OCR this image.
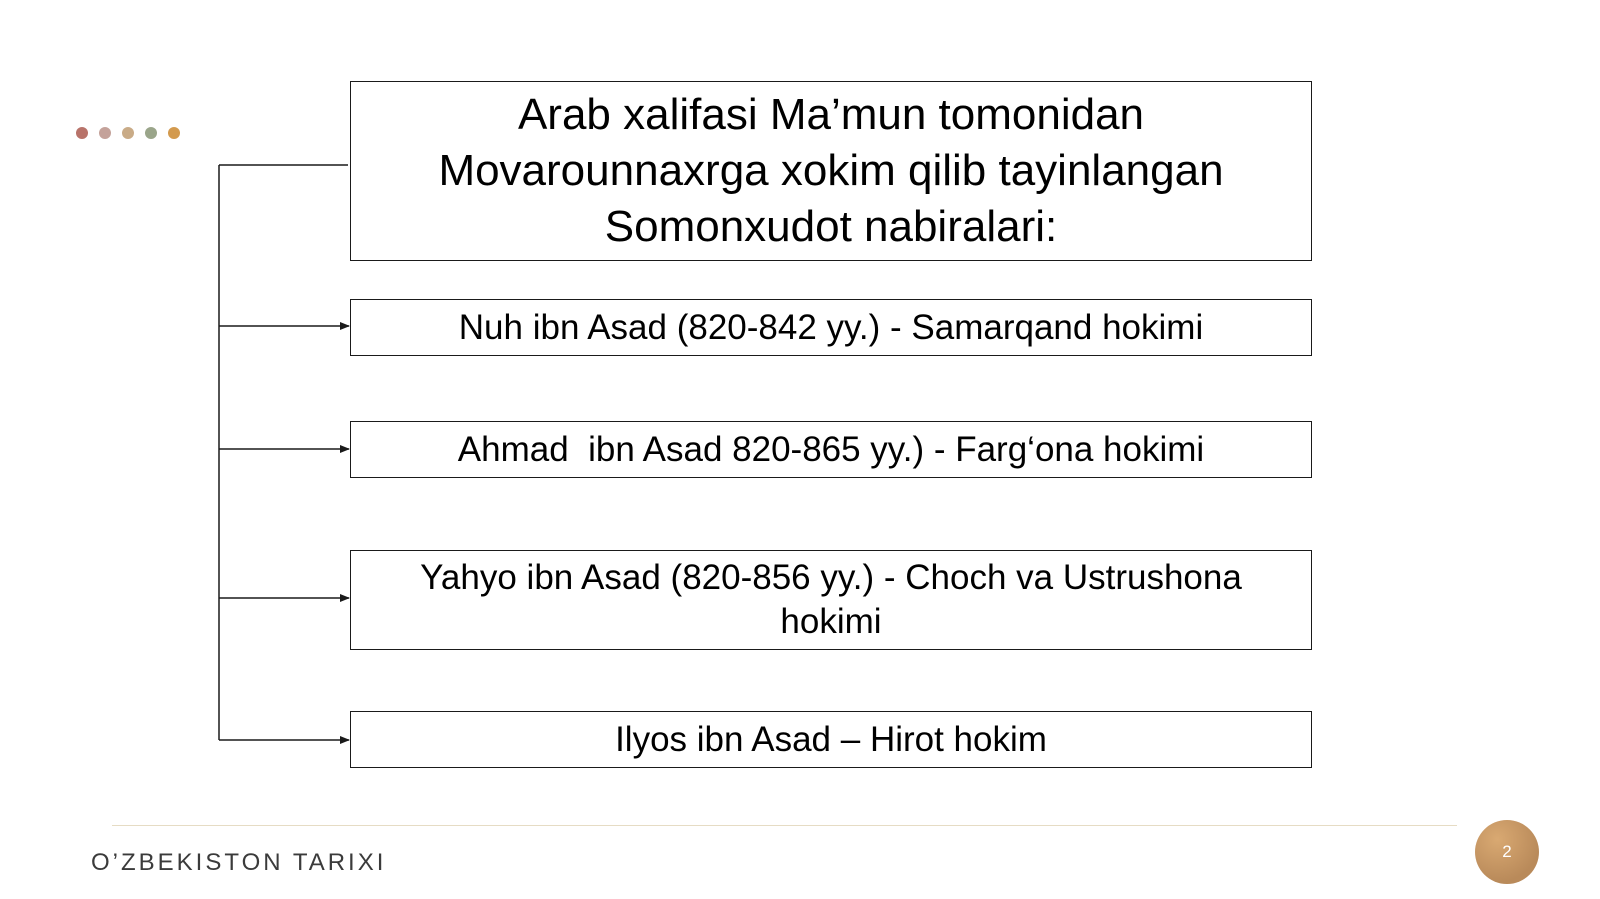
Arab xalifasi Ma’mun tomonidan Movarounnaxrga xokim qilib tayinlangan Somonxudot nabiralari:
Nuh ibn Asad (820-842 yy.) - Samarqand hokimi
Ahmad  ibn Asad 820-865 yy.) - Farg‘ona hokimi
Yahyo ibn Asad (820-856 yy.) - Choch va Ustrushona hokimi
Ilyos ibn Asad – Hirot hokim
O’ZBEKISTON TARIXI	2
